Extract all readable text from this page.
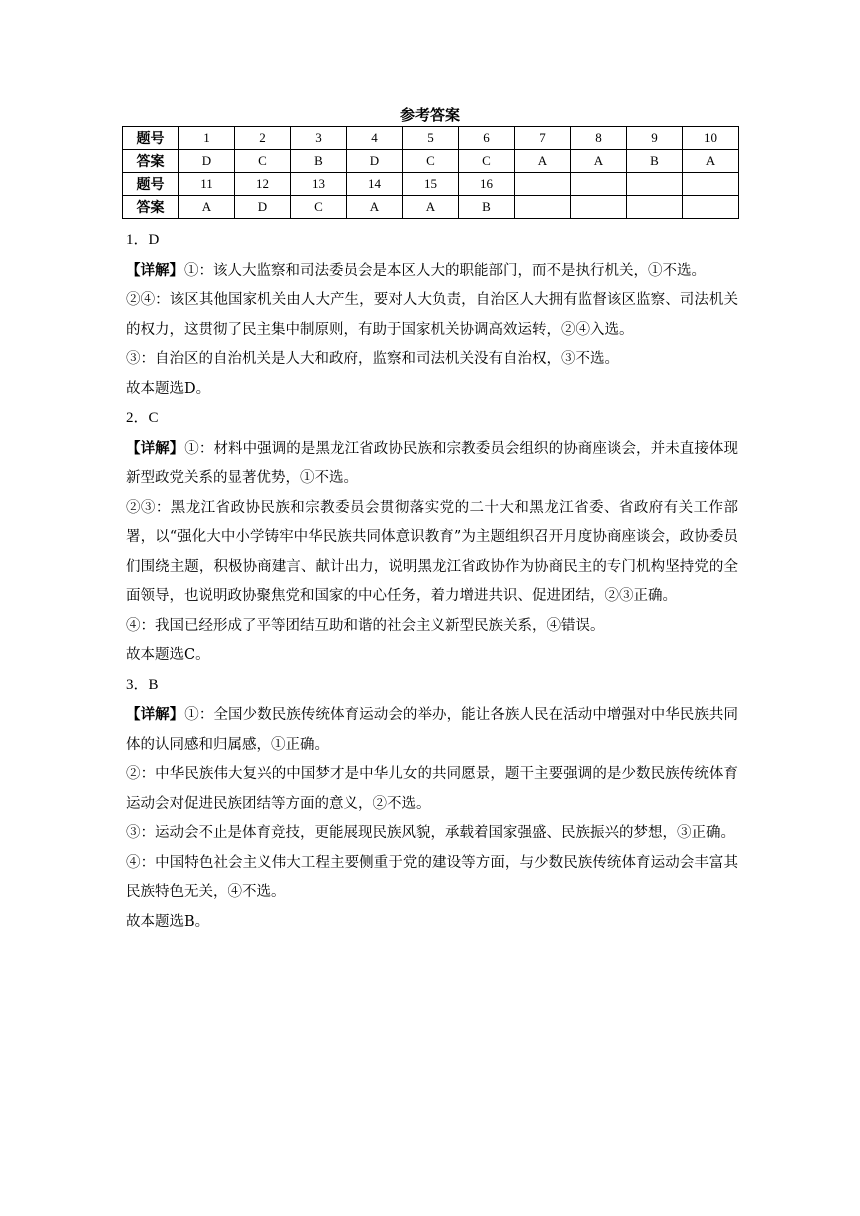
参考答案
题号	1	2	3	4	5	6	7	8	9	10
答案	D	C	B	D	C	C	A	A	B	A
题号	11	12	13	14	15	16				
答案	A	D	C	A	A	B				

1．D

【详解】①：该人大监察和司法委员会是本区人大的职能部门，而不是执行机关，①不选。

②④：该区其他国家机关由人大产生，要对人大负责，自治区人大拥有监督该区监察、司法机关的权力，这贯彻了民主集中制原则，有助于国家机关协调高效运转，②④入选。

③：自治区的自治机关是人大和政府，监察和司法机关没有自治权，③不选。

故本题选D。

2．C

【详解】①：材料中强调的是黑龙江省政协民族和宗教委员会组织的协商座谈会，并未直接体现新型政党关系的显著优势，①不选。

②③：黑龙江省政协民族和宗教委员会贯彻落实党的二十大和黑龙江省委、省政府有关工作部署，以“强化大中小学铸牢中华民族共同体意识教育”为主题组织召开月度协商座谈会，政协委员们围绕主题，积极协商建言、献计出力，说明黑龙江省政协作为协商民主的专门机构坚持党的全面领导，也说明政协聚焦党和国家的中心任务，着力增进共识、促进团结，②③正确。

④：我国已经形成了平等团结互助和谐的社会主义新型民族关系，④错误。

故本题选C。

3．B

【详解】①：全国少数民族传统体育运动会的举办，能让各族人民在活动中增强对中华民族共同体的认同感和归属感，①正确。

②：中华民族伟大复兴的中国梦才是中华儿女的共同愿景，题干主要强调的是少数民族传统体育运动会对促进民族团结等方面的意义，②不选。

③：运动会不止是体育竞技，更能展现民族风貌，承载着国家强盛、民族振兴的梦想，③正确。

④：中国特色社会主义伟大工程主要侧重于党的建设等方面，与少数民族传统体育运动会丰富其民族特色无关，④不选。

故本题选B。
